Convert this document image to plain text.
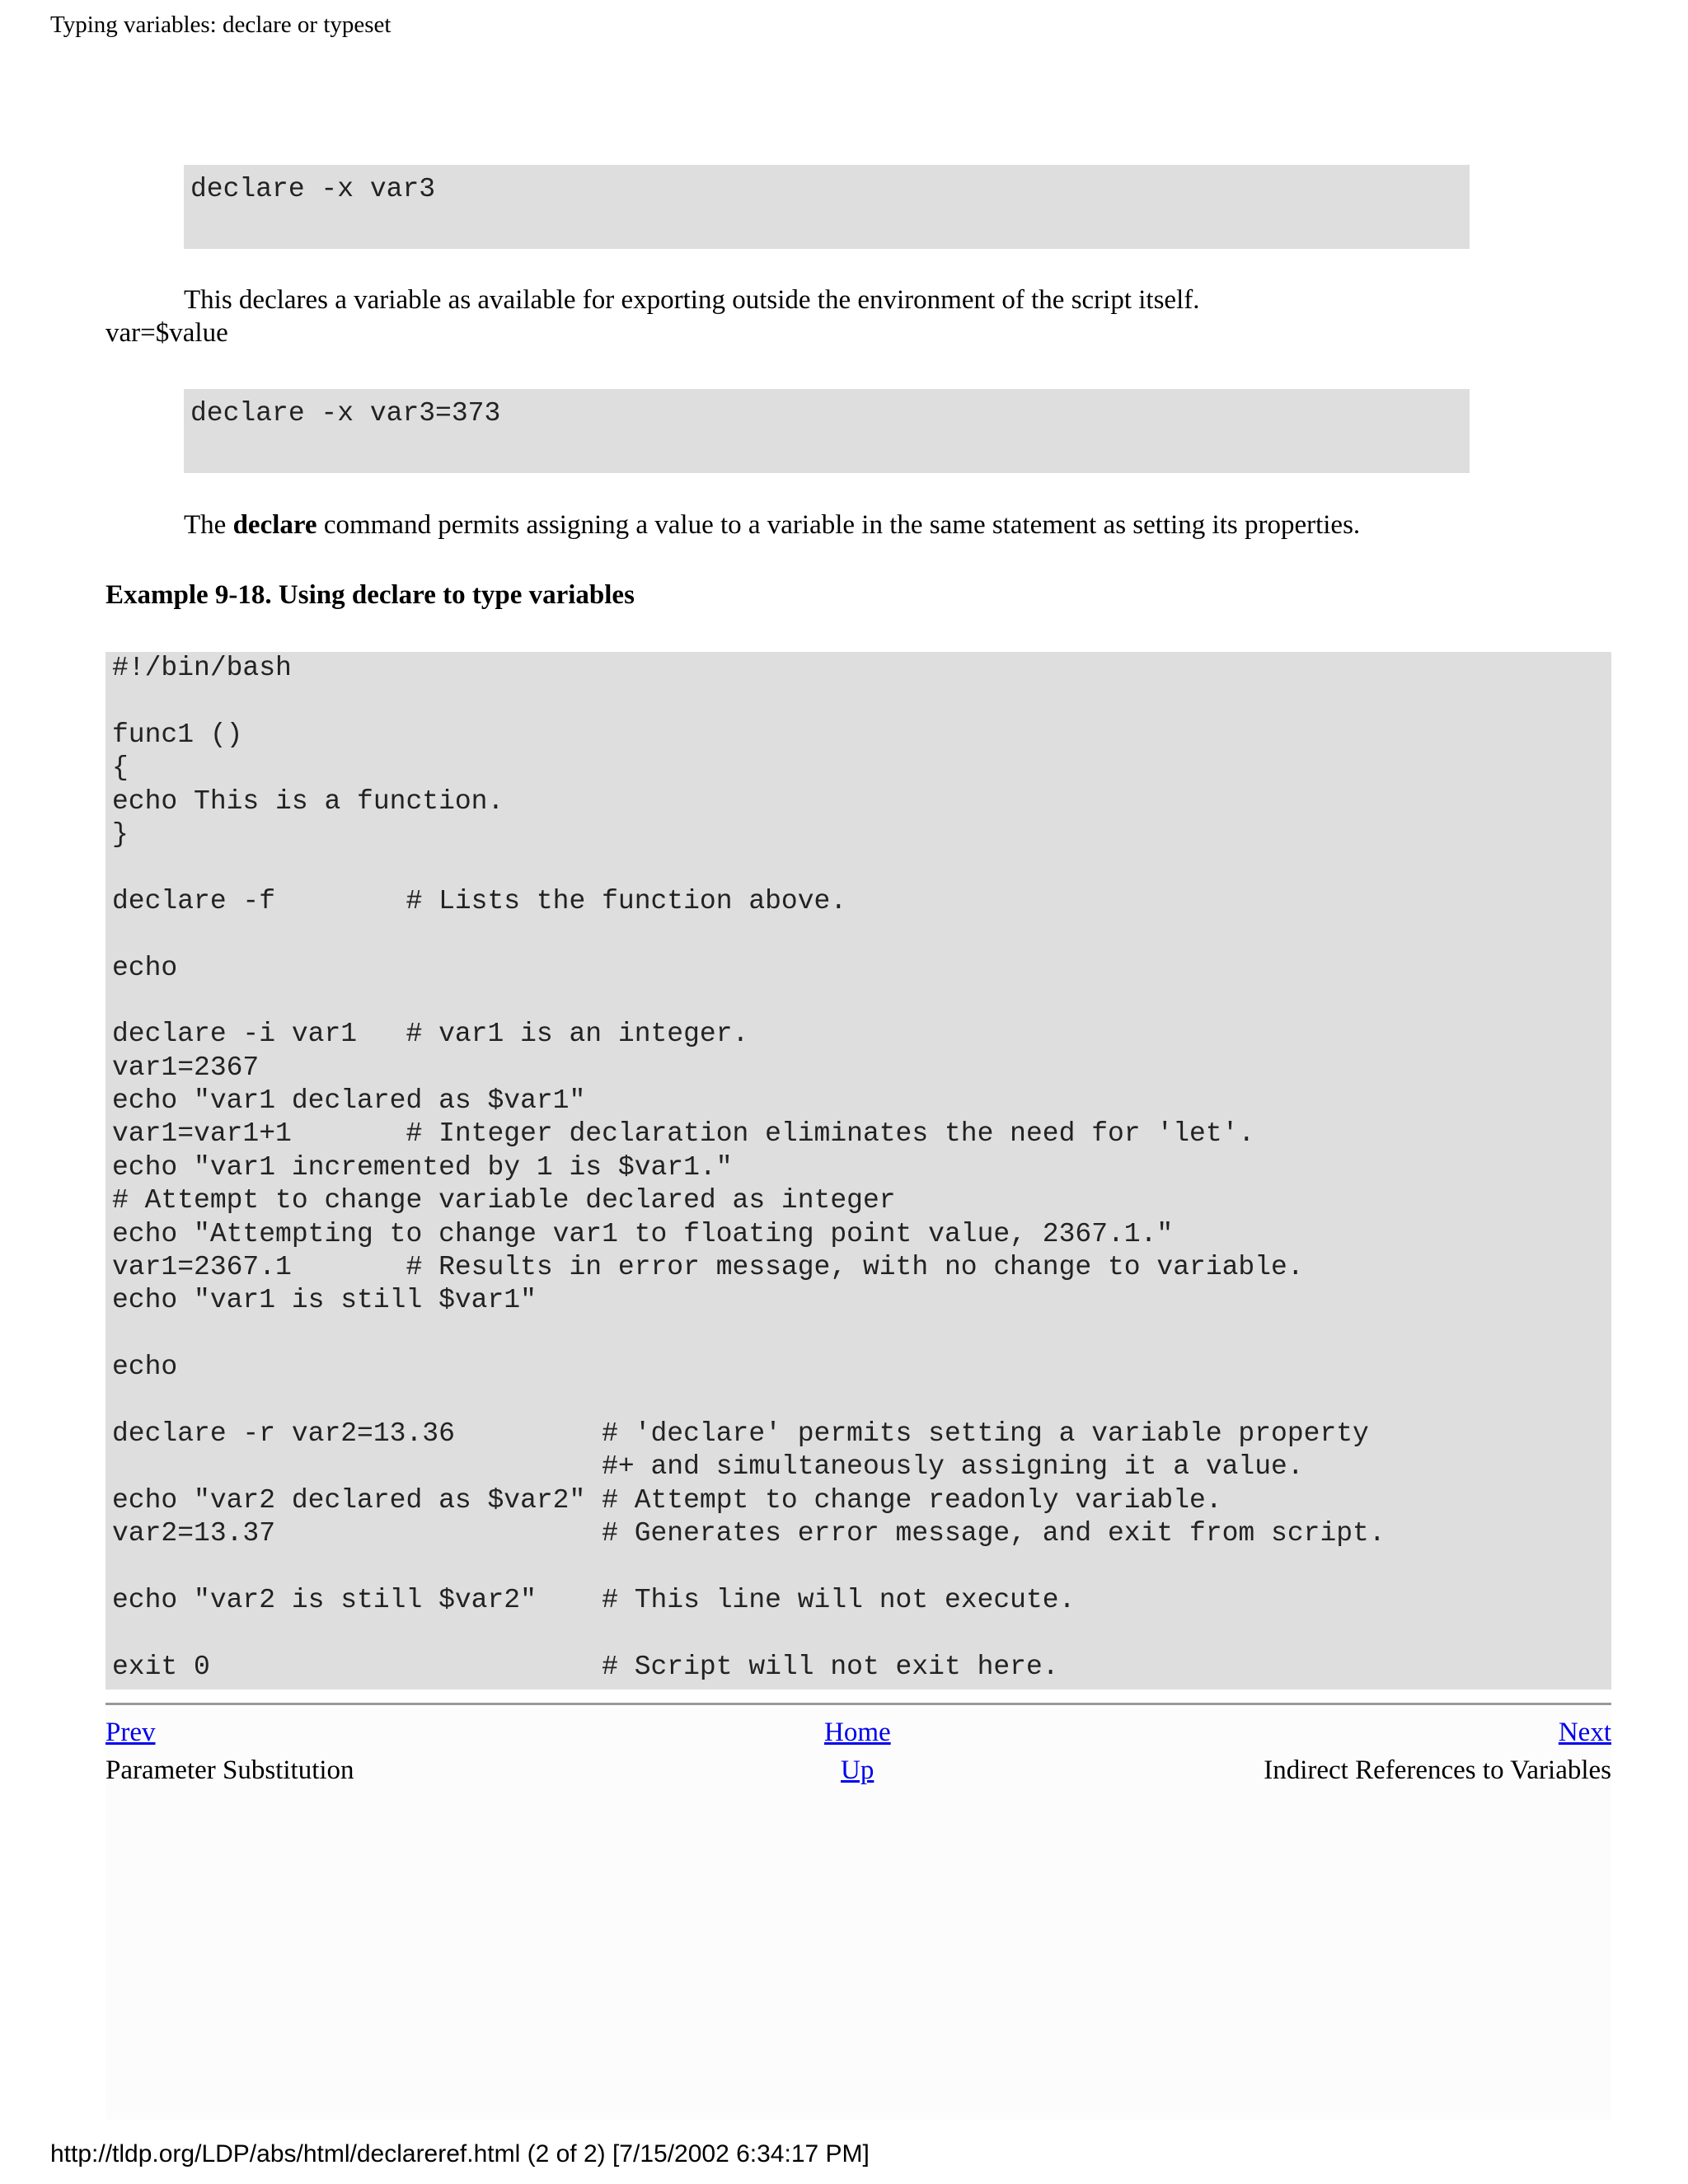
Typing variables: declare or typeset
declare -x var3
This declares a variable as available for exporting outside the environment of the script itself.
var=$value
declare -x var3=373
The declare command permits assigning a value to a variable in the same statement as setting its properties.
Example 9-18. Using declare to type variables
#!/bin/bash
func1 ()
{
echo This is a function.
}
declare -f        # Lists the function above.
echo
declare -i var1   # var1 is an integer.
var1=2367
echo "var1 declared as $var1"
var1=var1+1       # Integer declaration eliminates the need for 'let'.
echo "var1 incremented by 1 is $var1."
# Attempt to change variable declared as integer
echo "Attempting to change var1 to floating point value, 2367.1."
var1=2367.1       # Results in error message, with no change to variable.
echo "var1 is still $var1"
echo
declare -r var2=13.36         # 'declare' permits setting a variable property
#+ and simultaneously assigning it a value.
echo "var2 declared as $var2" # Attempt to change readonly variable.
var2=13.37                    # Generates error message, and exit from script.
echo "var2 is still $var2"    # This line will not execute.
exit 0                        # Script will not exit here.
Prev	Home	Next
Parameter Substitution	Up	Indirect References to Variables
http://tldp.org/LDP/abs/html/declareref.html (2 of 2) [7/15/2002 6:34:17 PM]
